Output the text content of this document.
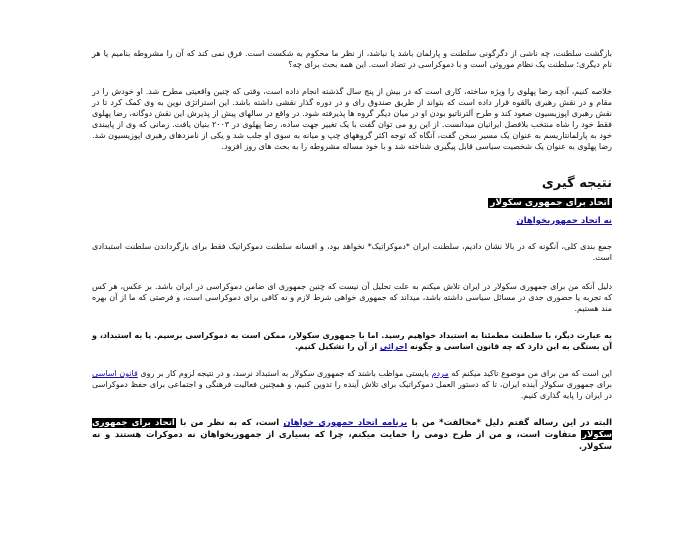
بازگشت سلطنت، چه ناشی از دگرگونی سلطنت و پارلمان باشد یا نباشد، از نظر ما محکوم به شکست است. فرق نمی کند که آن را مشروطه بنامیم یا هر نام دیگری؛ سلطنت یک نظام موروثی است و با دموکراسی در تضاد است. این همه بحث برای چه؟

خلاصه کنیم، آنچه رضا پهلوی را ویژه ساخته، کاری است که در بیش از پنج سال گذشته انجام داده است، وقتی که چنین واقعیتی مطرح شد. او خودش را در مقام و در نقش رهبری بالقوه قرار داده است که بتواند از طریق صندوق رای و در دوره گذار نقشی داشته باشد. این استراتژی نوین به وی کمک کرد تا در نقش رهبری اپوزیسیون صعود کند و طرح آلترناتیو بودن او در میان دیگر گروه ها پذیرفته شود. در واقع در سالهای پیش از پذیرش این نقش دوگانه، رضا پهلوی فقط خود را شاه منتخب بلافصل ایرانیان میدانست. از این رو می توان گفت با یک تغییر جهت ساده، رضا پهلوی در ۲۰۰۳ بنیان یافت. زمانی که وی از پایبندی خود به پارلمانتاریسم به عنوان یک مسیر سخن گفت، آنگاه که توجه اکثر گروههای چپ و میانه به سوی او جلب شد و یکی از نامزدهای رهبری اپوزیسیون شد. رضا پهلوی به عنوان یک شخصیت سیاسی قابل پیگیری شناخته شد و با خود مساله مشروطه را به بحث های روز افزود.

نتیجه گیری
اتحاد برای جمهوری سکولار
نه اتحاد جمهوریخواهان

جمع بندی کلی، آنگونه که در بالا نشان دادیم، سلطنت ایران *دموکراتیک* نخواهد بود، و افسانه سلطنت دموکراتیک فقط برای بازگرداندن سلطنت استبدادی است.

دلیل آنکه من برای جمهوری سکولار در ایران تلاش میکنم به علت تحلیل آن نیست که چنین جمهوری ای ضامن دموکراسی در ایران باشد. بر عکس، هر کس که تجربه یا حضوری جدی در مسائل سیاسی داشته باشد، میداند که جمهوری خواهی شرط لازم و نه کافی برای دموکراسی است، و فرصتی که ما از آن بهره مند هستیم.

به عبارت دیگر، با سلطنت مطمئنا به استبداد خواهیم رسید. اما با جمهوری سکولار، ممکن است به دموکراسی برسیم. یا به استبداد، و آن بستگی به این دارد که چه قانون اساسی و چگونه اجرائی از آن را تشکیل کنیم.

این است که من برای من موضوع تاکید میکنم که مردم بایستی مواظب باشند که جمهوری سکولار به استبداد نرسد، و در نتیجه لزوم کار بر روی قانون اساسی برای جمهوری سکولار آینده ایران، تا که دستور العمل دموکراتیک برای تلاش آینده را تدوین کنیم، و همچنین فعالیت فرهنگی و اجتماعی برای حفظ دموکراسی در ایران را پایه گذاری کنیم.

البته در این رساله گفتم دلیل *مخالفت* من با برنامه اتحاد جمهوری خواهان است، که به نظر من با اتحاد برای جمهوری سکولار متفاوت است، و من از طرح دومی را حمایت میکنم، چرا که بسیاری از جمهوریخواهان نه دموکرات هستند و نه سکولار.
